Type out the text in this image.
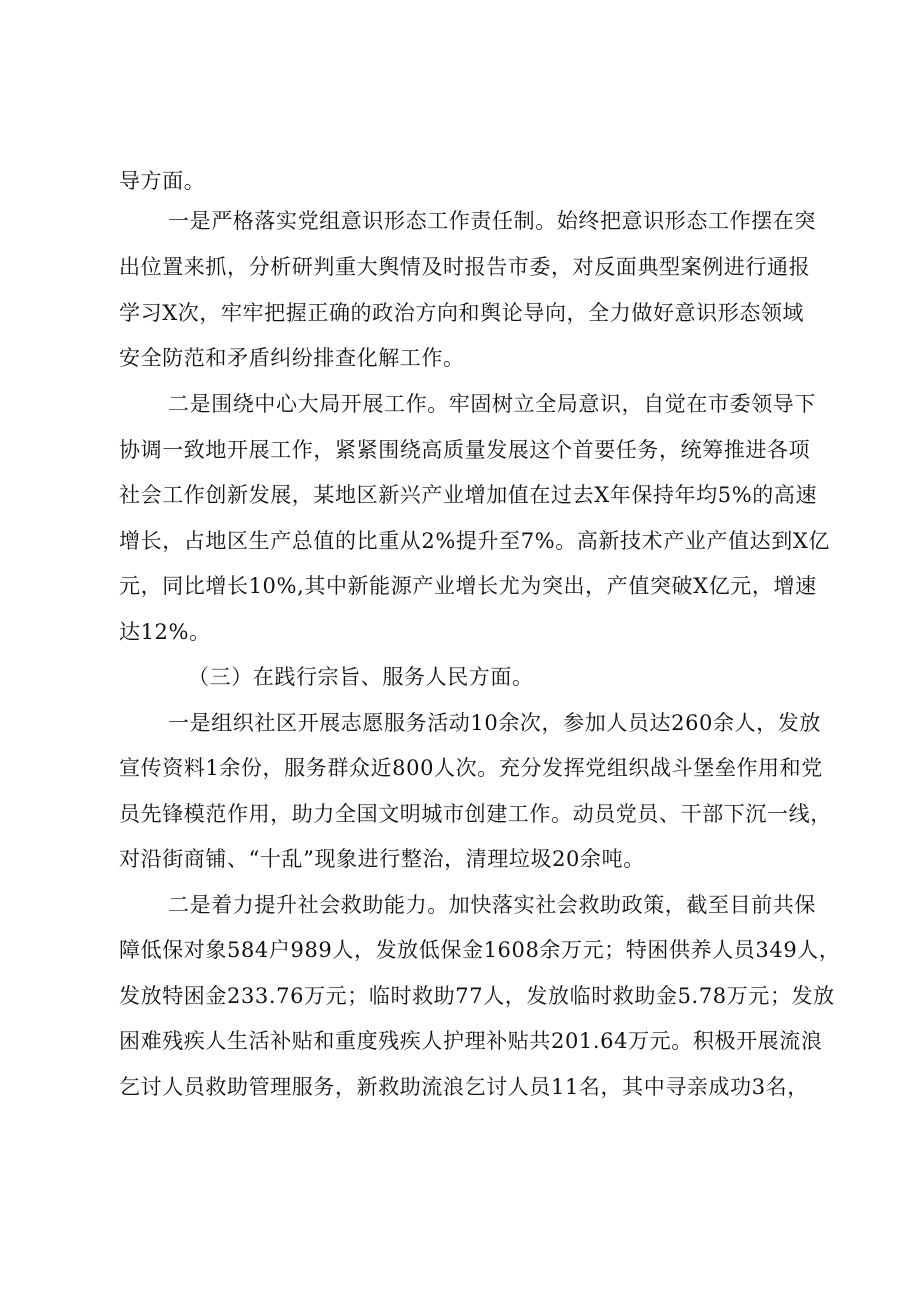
导方面。
一是严格落实党组意识形态工作责任制。始终把意识形态工作摆在突
出位置来抓，分析研判重大舆情及时报告市委，对反面典型案例进行通报
学习X次，牢牢把握正确的政治方向和舆论导向，全力做好意识形态领域
安全防范和矛盾纠纷排查化解工作。
二是围绕中心大局开展工作。牢固树立全局意识，自觉在市委领导下
协调一致地开展工作，紧紧围绕高质量发展这个首要任务，统筹推进各项
社会工作创新发展，某地区新兴产业增加值在过去X年保持年均5%的高速
增长，占地区生产总值的比重从2%提升至7%。高新技术产业产值达到X亿
元，同比增长10%,其中新能源产业增长尤为突出，产值突破X亿元，增速
达12%。
（三）在践行宗旨、服务人民方面。
一是组织社区开展志愿服务活动10余次，参加人员达260余人，发放
宣传资料1余份，服务群众近800人次。充分发挥党组织战斗堡垒作用和党
员先锋模范作用，助力全国文明城市创建工作。动员党员、干部下沉一线，
对沿街商铺、“十乱”现象进行整治，清理垃圾20余吨。
二是着力提升社会救助能力。加快落实社会救助政策，截至目前共保
障低保对象584户989人，发放低保金1608余万元；特困供养人员349人，
发放特困金233.76万元；临时救助77人，发放临时救助金5.78万元；发放
困难残疾人生活补贴和重度残疾人护理补贴共201.64万元。积极开展流浪
乞讨人员救助管理服务，新救助流浪乞讨人员11名，其中寻亲成功3名，
